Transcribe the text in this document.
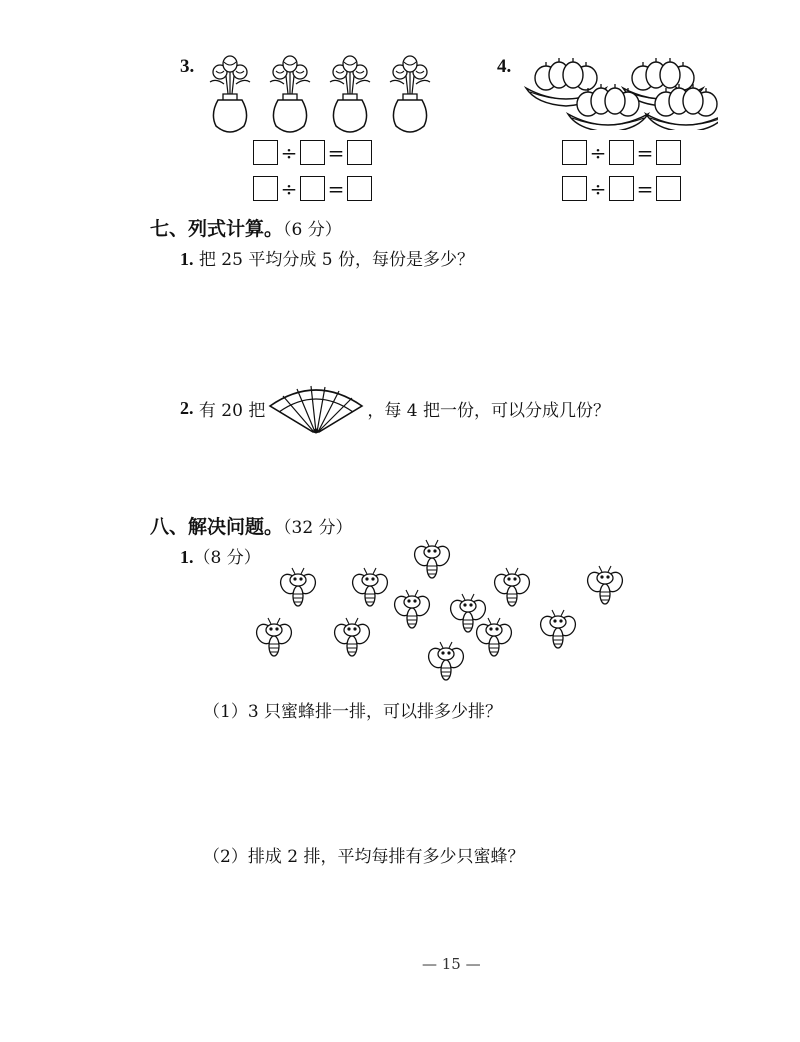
3.
÷ =
÷ =
4.
÷ =
÷ =
七、列式计算。（6 分）
1. 把 25 平均分成 5 份，每份是多少？
2.
有 20 把	，每 4 把一份，可以分成几份？
八、解决问题。（32 分）
1.（8 分）
（1）3 只蜜蜂排一排，可以排多少排？
（2）排成 2 排，平均每排有多少只蜜蜂？
— 15 —
